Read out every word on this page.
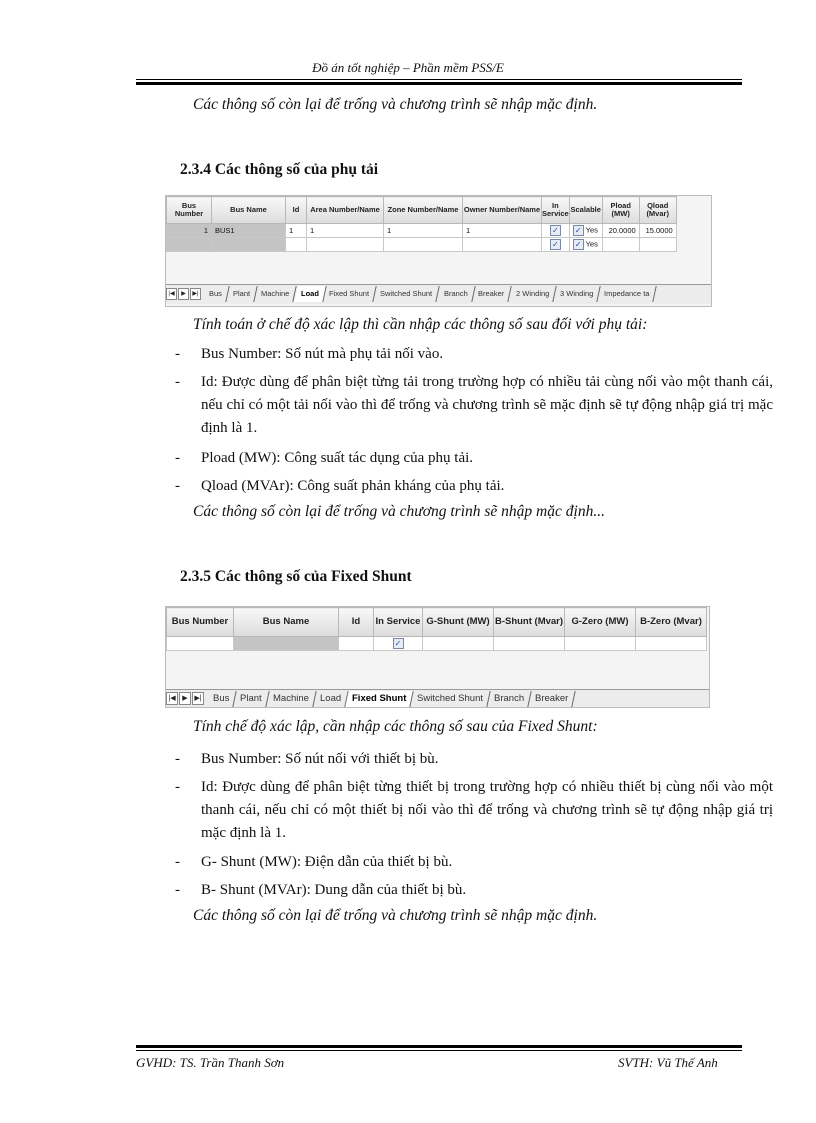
Đồ án tốt nghiệp – Phần mềm PSS/E
Các thông số còn lại để trống và chương trình sẽ nhập mặc định.
2.3.4 Các thông số của phụ tải
Bus Number	Bus Name	Id	Area Number/Name	Zone Number/Name	Owner Number/Name	In Service	Scalable	Pload (MW)	Qload (Mvar)
1	BUS1	1	1	1	1	✓	✓ Yes	20.0000	15.0000
						✓	✓ Yes		
|◀ ▶ ▶| Bus Plant Machine Load Fixed Shunt Switched Shunt Branch Breaker 2 Winding 3 Winding Impedance ta
Tính toán ở chế độ xác lập thì cần nhập các thông số sau đối với phụ tải:
- Bus Number: Số nút mà phụ tải nối vào.
- Id: Được dùng để phân biệt từng tải trong trường hợp có nhiều tải cùng nối vào một thanh cái, nếu chỉ có một tải nối vào thì để trống và chương trình sẽ mặc định sẽ tự động nhập giá trị mặc định là 1.
- Pload (MW): Công suất tác dụng của phụ tải.
- Qload (MVAr): Công suất phản kháng của phụ tải.
Các thông số còn lại để trống và chương trình sẽ nhập mặc định...
2.3.5 Các thông số của Fixed Shunt
Bus Number	Bus Name	Id	In Service	G-Shunt (MW)	B-Shunt (Mvar)	G-Zero (MW)	B-Zero (Mvar)
			✓				
|◀ ▶ ▶| Bus Plant Machine Load Fixed Shunt Switched Shunt Branch Breaker
Tính chế độ xác lập, cần nhập các thông số sau của Fixed Shunt:
- Bus Number: Số nút nối với thiết bị bù.
- Id: Được dùng để phân biệt từng thiết bị trong trường hợp có nhiều thiết bị cùng nối vào một thanh cái, nếu chỉ có một thiết bị nối vào thì để trống và chương trình sẽ tự động nhập giá trị mặc định là 1.
- G- Shunt (MW): Điện dẫn của thiết bị bù.
- B- Shunt (MVAr): Dung dẫn của thiết bị bù.
Các thông số còn lại để trống và chương trình sẽ nhập mặc định.
GVHD: TS. Trần Thanh Sơn	SVTH: Vũ Thế Anh
